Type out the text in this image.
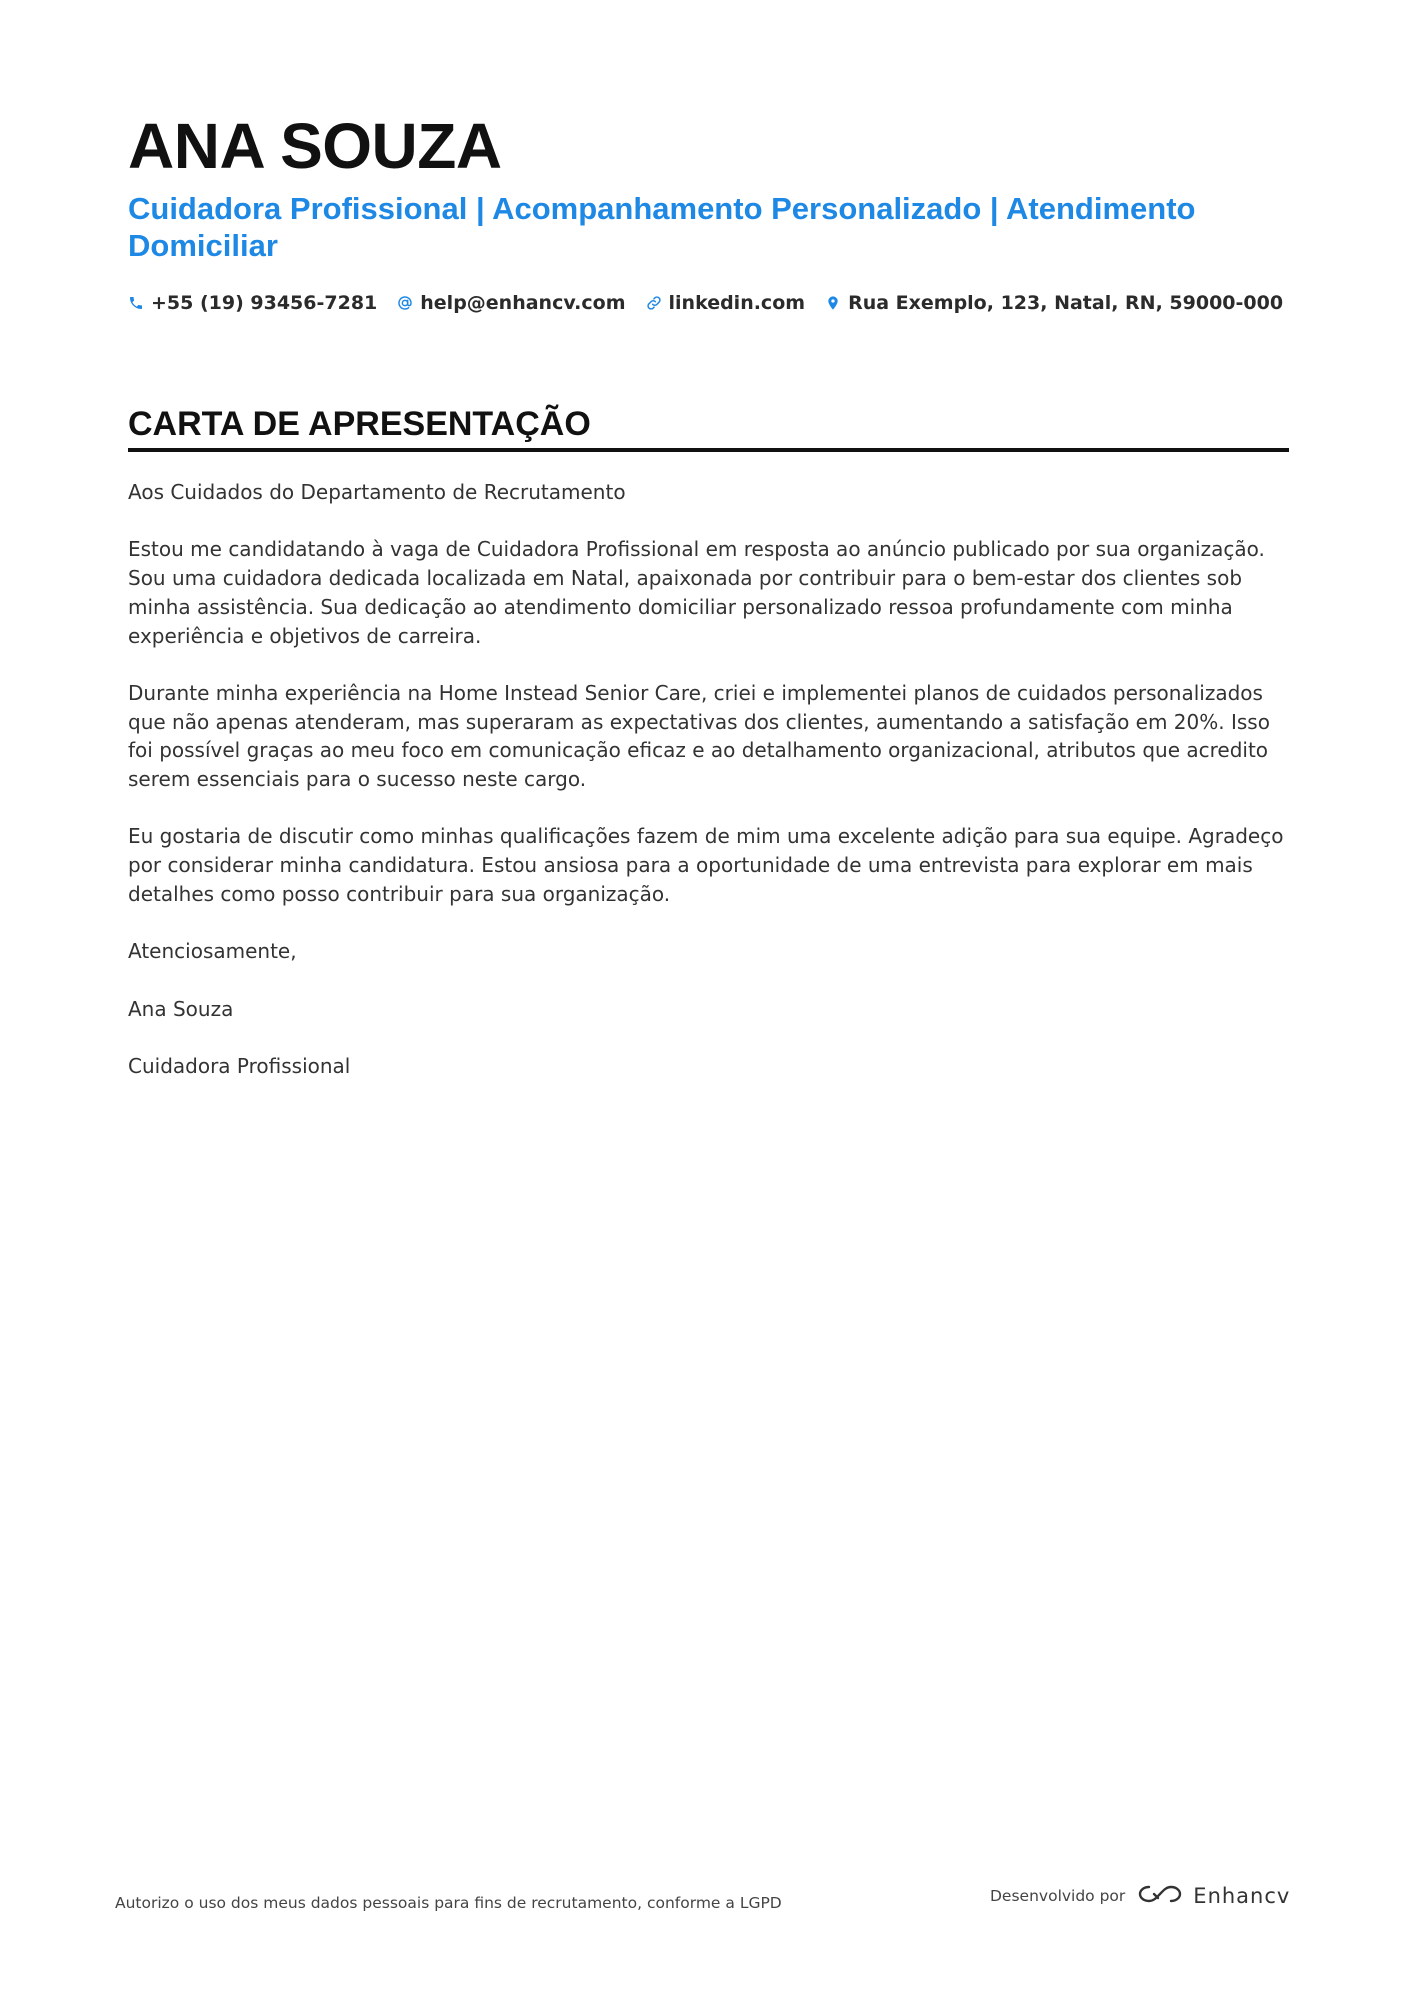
ANA SOUZA
Cuidadora Profissional | Acompanhamento Personalizado | Atendimento Domiciliar
+55 (19) 93456-7281 help@enhancv.com linkedin.com Rua Exemplo, 123, Natal, RN, 59000-000
CARTA DE APRESENTAÇÃO

Aos Cuidados do Departamento de Recrutamento

Estou me candidatando à vaga de Cuidadora Profissional em resposta ao anúncio publicado por sua organização. Sou uma cuidadora dedicada localizada em Natal, apaixonada por contribuir para o bem-estar dos clientes sob minha assistência. Sua dedicação ao atendimento domiciliar personalizado ressoa profundamente com minha experiência e objetivos de carreira.

Durante minha experiência na Home Instead Senior Care, criei e implementei planos de cuidados personalizados que não apenas atenderam, mas superaram as expectativas dos clientes, aumentando a satisfação em 20%. Isso foi possível graças ao meu foco em comunicação eficaz e ao detalhamento organizacional, atributos que acredito serem essenciais para o sucesso neste cargo.

Eu gostaria de discutir como minhas qualificações fazem de mim uma excelente adição para sua equipe. Agradeço por considerar minha candidatura. Estou ansiosa para a oportunidade de uma entrevista para explorar em mais detalhes como posso contribuir para sua organização.

Atenciosamente,

Ana Souza

Cuidadora Profissional

Autorizo o uso dos meus dados pessoais para fins de recrutamento, conforme a LGPD	Desenvolvido por	Enhancv
